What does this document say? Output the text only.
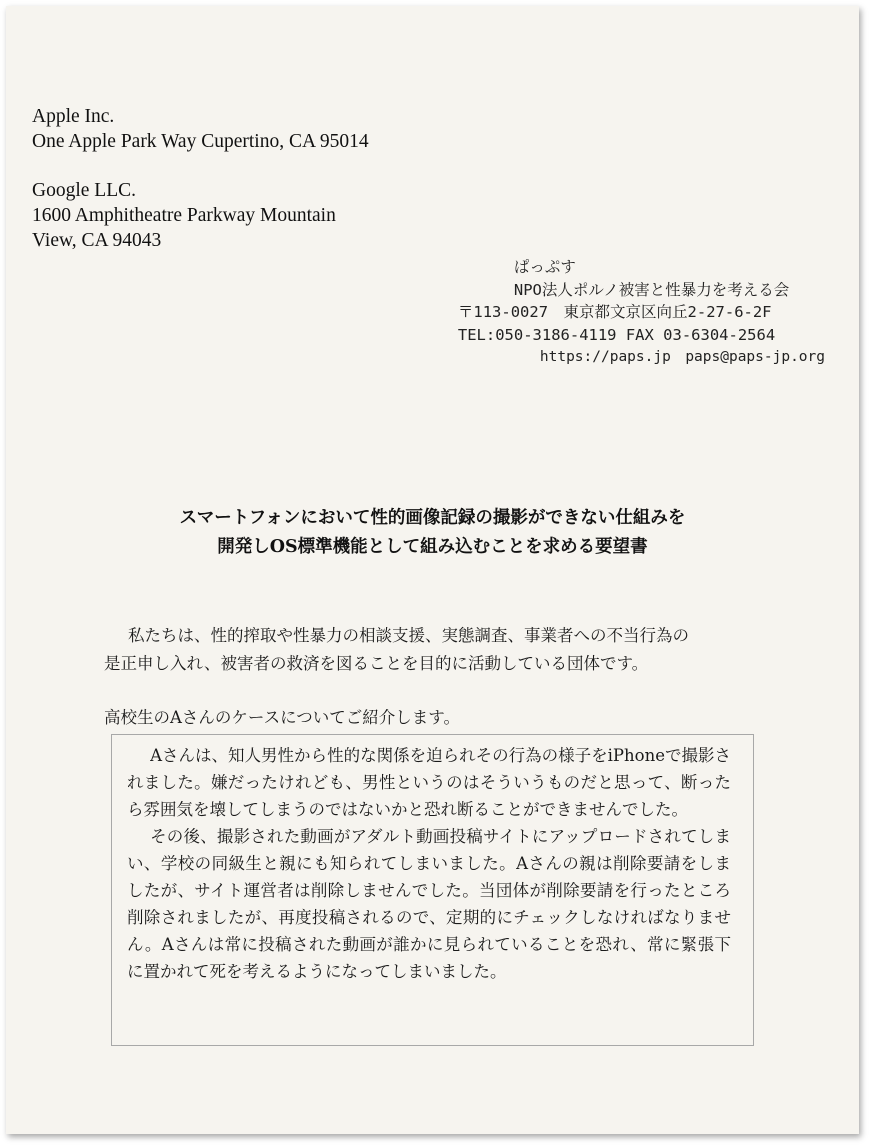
Apple Inc.
One Apple Park Way Cupertino, CA 95014
Google LLC.
1600 Amphitheatre Parkway Mountain
View, CA 94043
ぱっぷす
NPO法人ポルノ被害と性暴力を考える会
〒113-0027　東京都文京区向丘2-27-6-2F
TEL:050-3186-4119 FAX 03-6304-2564
https://paps.jp　paps@paps-jp.org
スマートフォンにおいて性的画像記録の撮影ができない仕組みを
開発しOS標準機能として組み込むことを求める要望書
私たちは、性的搾取や性暴力の相談支援、実態調査、事業者への不当行為の
是正申し入れ、被害者の救済を図ることを目的に活動している団体です。
高校生のAさんのケースについてご紹介します。

Aさんは、知人男性から性的な関係を迫られその行為の様子をiPhoneで撮影されました。嫌だったけれども、男性というのはそういうものだと思って、断ったら雰囲気を壊してしまうのではないかと恐れ断ることができませんでした。

その後、撮影された動画がアダルト動画投稿サイトにアップロードされてしまい、学校の同級生と親にも知られてしまいました。Aさんの親は削除要請をしましたが、サイト運営者は削除しませんでした。当団体が削除要請を行ったところ削除されましたが、再度投稿されるので、定期的にチェックしなければなりません。Aさんは常に投稿された動画が誰かに見られていることを恐れ、常に緊張下に置かれて死を考えるようになってしまいました。
